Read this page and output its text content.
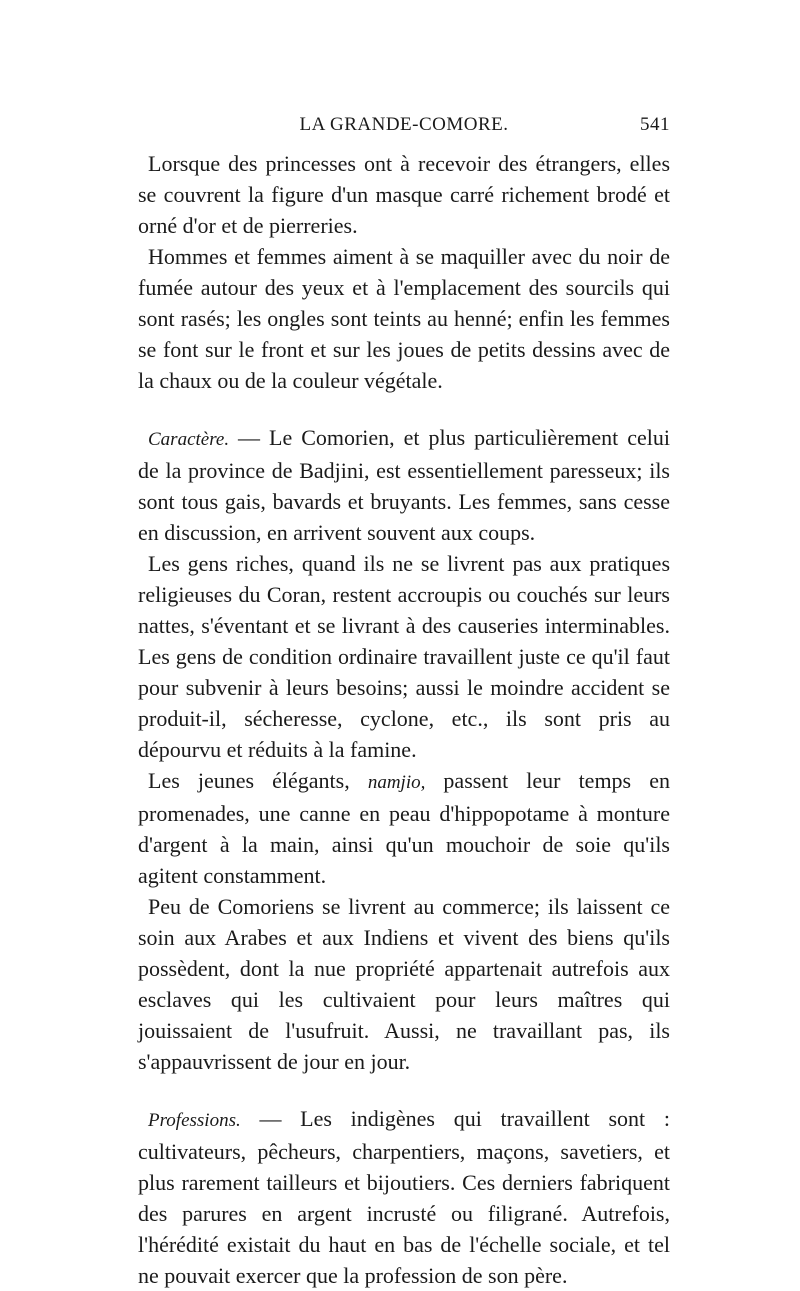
LA GRANDE-COMORE.	541

Lorsque des princesses ont à recevoir des étrangers, elles se couvrent la figure d'un masque carré richement brodé et orné d'or et de pierreries.

Hommes et femmes aiment à se maquiller avec du noir de fumée autour des yeux et à l'emplacement des sourcils qui sont rasés; les ongles sont teints au henné; enfin les femmes se font sur le front et sur les joues de petits dessins avec de la chaux ou de la couleur végétale.

Caractère. — Le Comorien, et plus particulièrement celui de la province de Badjini, est essentiellement paresseux; ils sont tous gais, bavards et bruyants. Les femmes, sans cesse en discussion, en arrivent souvent aux coups.

Les gens riches, quand ils ne se livrent pas aux pratiques religieuses du Coran, restent accroupis ou couchés sur leurs nattes, s'éventant et se livrant à des causeries interminables. Les gens de condition ordinaire travaillent juste ce qu'il faut pour subvenir à leurs besoins; aussi le moindre accident se produit-il, sécheresse, cyclone, etc., ils sont pris au dépourvu et réduits à la famine.

Les jeunes élégants, namjio, passent leur temps en promenades, une canne en peau d'hippopotame à monture d'argent à la main, ainsi qu'un mouchoir de soie qu'ils agitent constamment.

Peu de Comoriens se livrent au commerce; ils laissent ce soin aux Arabes et aux Indiens et vivent des biens qu'ils possèdent, dont la nue propriété appartenait autrefois aux esclaves qui les cultivaient pour leurs maîtres qui jouissaient de l'usufruit. Aussi, ne travaillant pas, ils s'appauvrissent de jour en jour.

Professions. — Les indigènes qui travaillent sont : cultivateurs, pêcheurs, charpentiers, maçons, savetiers, et plus rarement tailleurs et bijoutiers. Ces derniers fabriquent des parures en argent incrusté ou filigrané. Autrefois, l'hérédité existait du haut en bas de l'échelle sociale, et tel ne pouvait exercer que la profession de son père.
